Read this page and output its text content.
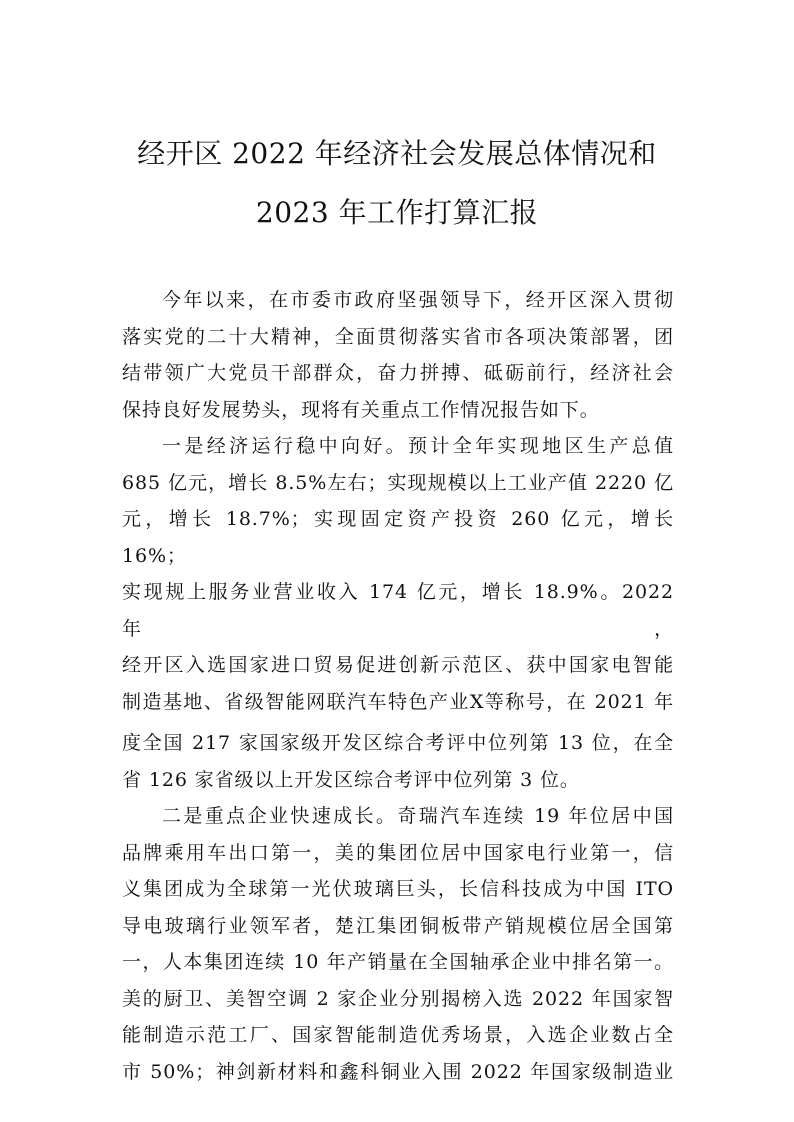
经开区 2022 年经济社会发展总体情况和
2023 年工作打算汇报

今年以来，在市委市政府坚强领导下，经开区深入贯彻

落实党的二十大精神，全面贯彻落实省市各项决策部署，团

结带领广大党员干部群众，奋力拼搏、砥砺前行，经济社会

保持良好发展势头，现将有关重点工作情况报告如下。

一是经济运行稳中向好。预计全年实现地区生产总值

685 亿元，增长 8.5%左右；实现规模以上工业产值 2220 亿

元，增长 18.7%；实现固定资产投资 260 亿元，增长 16%；

实现规上服务业营业收入 174 亿元，增长 18.9%。2022 年，

经开区入选国家进口贸易促进创新示范区、获中国家电智能

制造基地、省级智能网联汽车特色产业X等称号，在 2021 年

度全国 217 家国家级开发区综合考评中位列第 13 位，在全

省 126 家省级以上开发区综合考评中位列第 3 位。

二是重点企业快速成长。奇瑞汽车连续 19 年位居中国

品牌乘用车出口第一，美的集团位居中国家电行业第一，信

义集团成为全球第一光伏玻璃巨头，长信科技成为中国 ITO

导电玻璃行业领军者，楚江集团铜板带产销规模位居全国第

一，人本集团连续 10 年产销量在全国轴承企业中排名第一。

美的厨卫、美智空调 2 家企业分别揭榜入选 2022 年国家智

能制造示范工厂、国家智能制造优秀场景，入选企业数占全

市 50%；神剑新材料和鑫科铜业入围 2022 年国家级制造业
